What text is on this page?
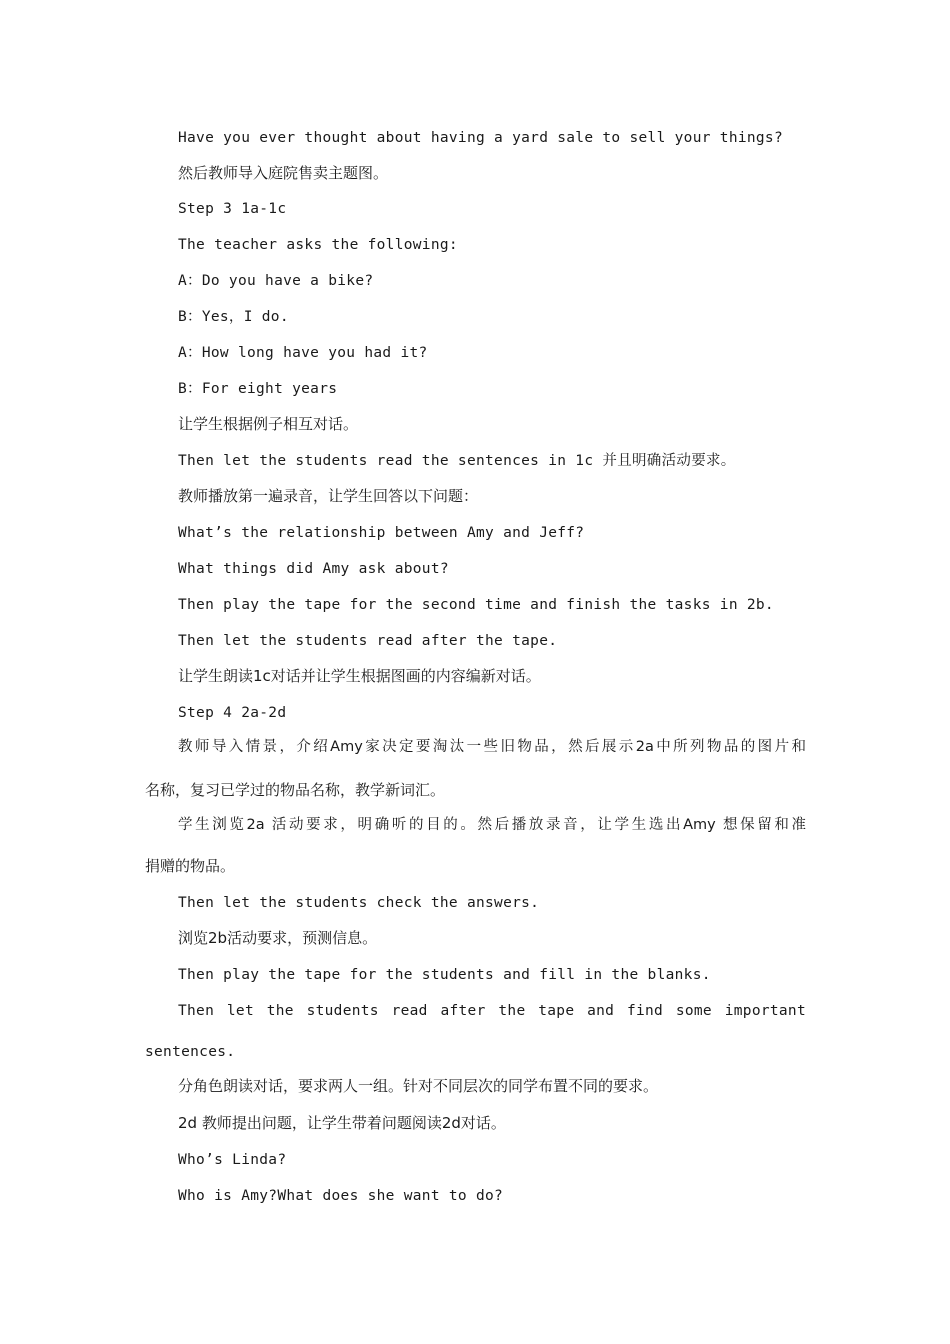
Have you ever thought about having a yard sale to sell your things?
然后教师导入庭院售卖主题图。
Step 3 1a-1c
The teacher asks the following:
A：Do you have a bike?
B：Yes，I do.
A：How long have you had it?
B：For eight years
让学生根据例子相互对话。
Then let the students read the sentences in 1c 并且明确活动要求。
教师播放第一遍录音，让学生回答以下问题：
What’s the relationship between Amy and Jeff?
What things did Amy ask about?
Then play the tape for the second time and finish the tasks in 2b.
Then let the students read after the tape.
让学生朗读1c对话并让学生根据图画的内容编新对话。
Step 4 2a-2d
教师导入情景，介绍Amy家决定要淘汰一些旧物品，然后展示2a中所列物品的图片和
名称，复习已学过的物品名称，教学新词汇。
学生浏览2a 活动要求，明确听的目的。然后播放录音，让学生选出Amy 想保留和准
捐赠的物品。
Then let the students check the answers.
浏览2b活动要求，预测信息。
Then play the tape for the students and fill in the blanks.
Then let the students read after the tape and find some important
sentences.
分角色朗读对话，要求两人一组。针对不同层次的同学布置不同的要求。
2d 教师提出问题，让学生带着问题阅读2d对话。
Who’s Linda?
Who is Amy?What does she want to do?
